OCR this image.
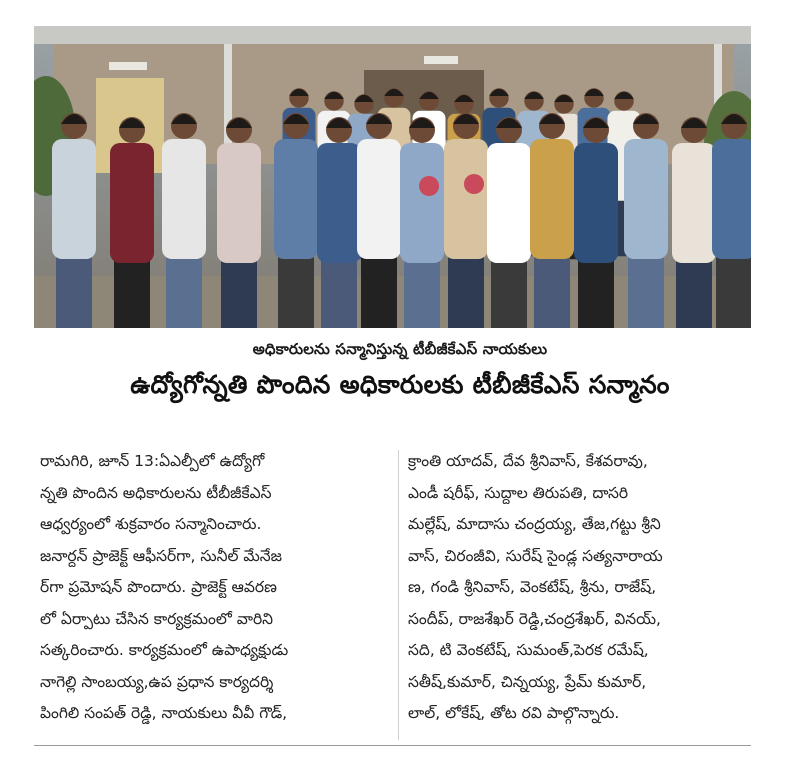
అధికారులను సన్మానిస్తున్న టీబీజీకేఎస్ నాయకులు
ఉద్యోగోన్నతి పొందిన అధికారులకు టీబీజీకేఎస్ సన్మానం

రామగిరి, జూన్ 13:ఏఎల్పీలో ఉద్యోగో

న్నతి పొందిన అధికారులను టీబీజీకేఎస్

ఆధ్వర్యంలో శుక్రవారం సన్మానించారు.

జనార్దన్ ప్రాజెక్ట్ ఆఫీసర్‌గా, సునీల్ మేనేజ

ర్‌గా ప్రమోషన్ పొందారు. ప్రాజెక్ట్ ఆవరణ

లో ఏర్పాటు చేసిన కార్యక్రమంలో వారిని

సత్కరించారు. కార్యక్రమంలో ఉపాధ్యక్షుడు

నాగెల్లి సాంబయ్య,ఉప ప్రధాన కార్యదర్శి

పింగిలి సంపత్ రెడ్డి, నాయకులు వీవీ గౌడ్,

క్రాంతి యాదవ్, దేవ శ్రీనివాస్, కేశవరావు,

ఎండీ షరీఫ్, సుద్దాల తిరుపతి, దాసరి

మల్లేష్, మాదాసు చంద్రయ్య, తేజ,గట్టు శ్రీని

వాస్, చిరంజీవి, సురేష్ సైండ్ల సత్యనారాయ

ణ, గండి శ్రీనివాస్, వెంకటేష్, శ్రీను, రాజేష్,

సందీప్, రాజశేఖర్ రెడ్డి,చంద్రశేఖర్, వినయ్,

సది, టి వెంకటేష్, సుమంత్,పెరక రమేష్,

సతీష్,కుమార్, చిన్నయ్య, ప్రేమ్ కుమార్,

లాల్, లోకేష్, తోట రవి పాల్గొన్నారు.
